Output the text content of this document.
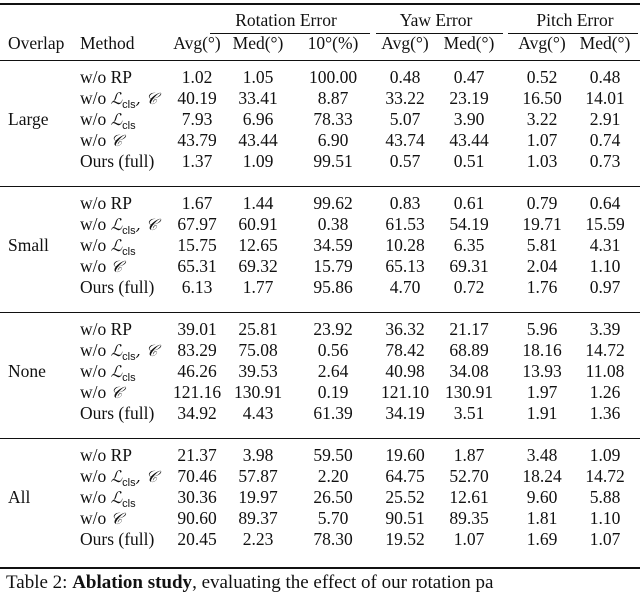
Rotation Error	Yaw Error	Pitch Error
Avg(°) Med(°) 10°(%) Avg(°) Med(°) Avg(°) Med(°)
Overlap Method
Large
w/o RP	1.02 1.05 100.00 0.48 0.47 0.52 0.48
w/o ℒ$_{cls}$, 𝒞 40.19 33.41 8.87 33.22 23.19 16.50 14.01
w/o ℒ$_{cls}$	7.93 6.96 78.33 5.07 3.90 3.22 2.91
w/o 𝒞	43.79 43.44 6.90 43.74 43.44 1.07 0.74
Ours (full) 1.37 1.09 99.51 0.57 0.51 1.03 0.73
Small
w/o RP	1.67 1.44 99.62 0.83 0.61 0.79 0.64
w/o ℒ$_{cls}$, 𝒞 67.97 60.91 0.38 61.53 54.19 19.71 15.59
w/o ℒ$_{cls}$ 15.75 12.65 34.59 10.28 6.35 5.81 4.31
w/o 𝒞	65.31 69.32 15.79 65.13 69.31 2.04 1.10
Ours (full) 6.13 1.77 95.86 4.70 0.72 1.76 0.97
None
w/o RP	39.01 25.81 23.92 36.32 21.17 5.96 3.39
w/o ℒ$_{cls}$, 𝒞 83.29 75.08 0.56 78.42 68.89 18.16 14.72
w/o ℒ$_{cls}$ 46.26 39.53 2.64 40.98 34.08 13.93 11.08
w/o 𝒞	121.16 130.91 0.19 121.10 130.91 1.97 1.26
Ours (full) 34.92 4.43 61.39 34.19 3.51 1.91 1.36
All
w/o RP	21.37 3.98 59.50 19.60 1.87 3.48 1.09
w/o ℒ$_{cls}$, 𝒞 70.46 57.87 2.20 64.75 52.70 18.24 14.72
w/o ℒ$_{cls}$ 30.36 19.97 26.50 25.52 12.61 9.60 5.88
w/o 𝒞	90.60 89.37 5.70 90.51 89.35 1.81 1.10
Ours (full) 20.45 2.23 78.30 19.52 1.07 1.69 1.07
Table 2: Ablation study, evaluating the effect of our rotation pa
